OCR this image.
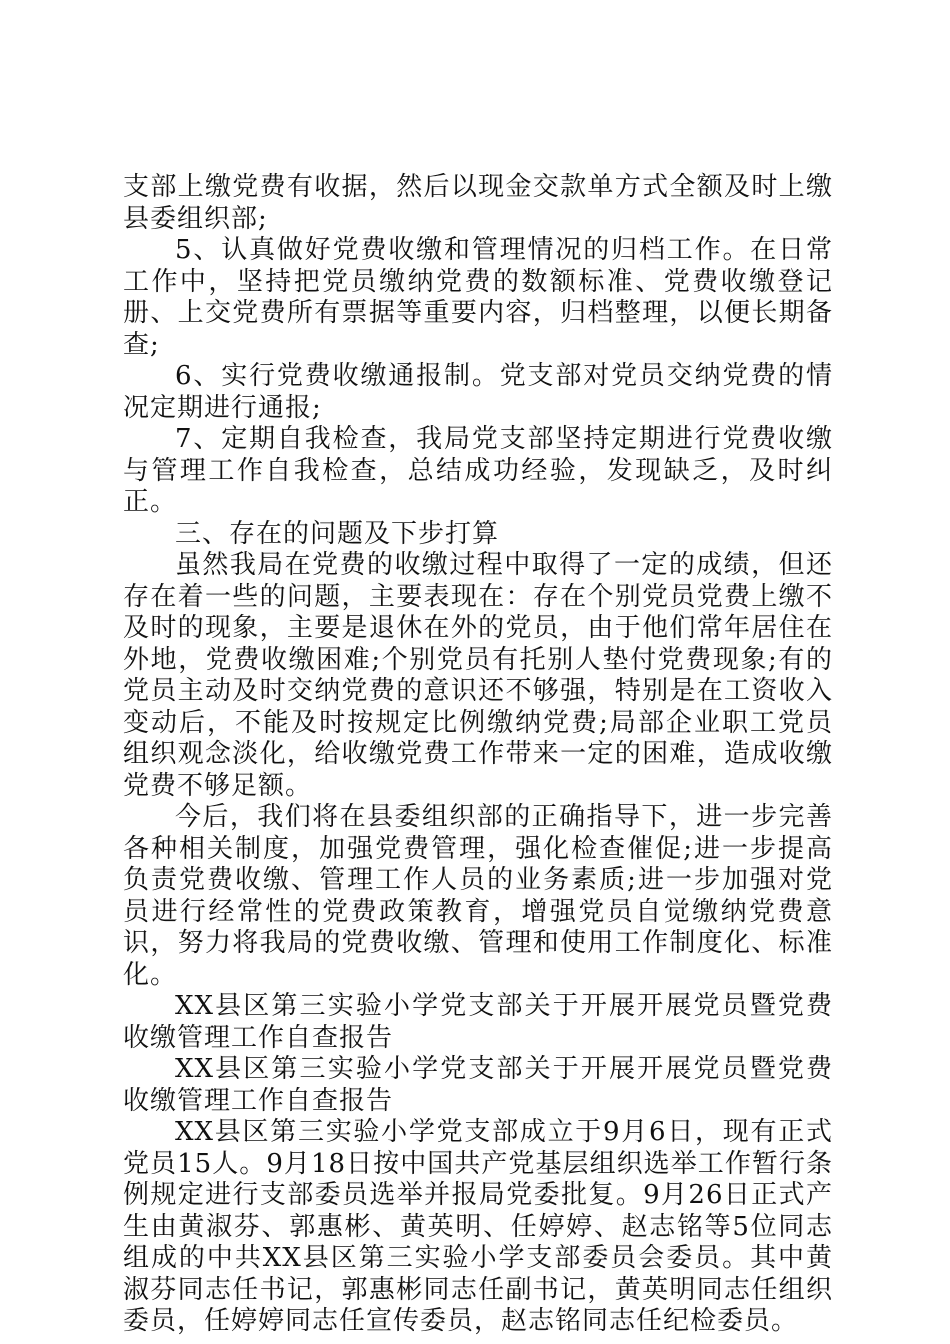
支部上缴党费有收据，然后以现金交款单方式全额及时上缴县委组织部;

5、认真做好党费收缴和管理情况的归档工作。在日常工作中，坚持把党员缴纳党费的数额标准、党费收缴登记册、上交党费所有票据等重要内容，归档整理，以便长期备查;

6、实行党费收缴通报制。党支部对党员交纳党费的情况定期进行通报;

7、定期自我检查，我局党支部坚持定期进行党费收缴与管理工作自我检查，总结成功经验，发现缺乏，及时纠正。

三、存在的问题及下步打算

虽然我局在党费的收缴过程中取得了一定的成绩，但还存在着一些的问题，主要表现在：存在个别党员党费上缴不及时的现象，主要是退休在外的党员，由于他们常年居住在外地，党费收缴困难;个别党员有托别人垫付党费现象;有的党员主动及时交纳党费的意识还不够强，特别是在工资收入变动后，不能及时按规定比例缴纳党费;局部企业职工党员组织观念淡化，给收缴党费工作带来一定的困难，造成收缴党费不够足额。

今后，我们将在县委组织部的正确指导下，进一步完善各种相关制度，加强党费管理，强化检查催促;进一步提高负责党费收缴、管理工作人员的业务素质;进一步加强对党员进行经常性的党费政策教育，增强党员自觉缴纳党费意识，努力将我局的党费收缴、管理和使用工作制度化、标准化。

XX县区第三实验小学党支部关于开展开展党员暨党费收缴管理工作自查报告

XX县区第三实验小学党支部关于开展开展党员暨党费收缴管理工作自查报告

XX县区第三实验小学党支部成立于9月6日，现有正式党员15人。9月18日按中国共产党基层组织选举工作暂行条例规定进行支部委员选举并报局党委批复。9月26日正式产生由黄淑芬、郭惠彬、黄英明、任婷婷、赵志铭等5位同志组成的中共XX县区第三实验小学支部委员会委员。其中黄淑芬同志任书记，郭惠彬同志任副书记，黄英明同志任组织委员，任婷婷同志任宣传委员，赵志铭同志任纪检委员。
